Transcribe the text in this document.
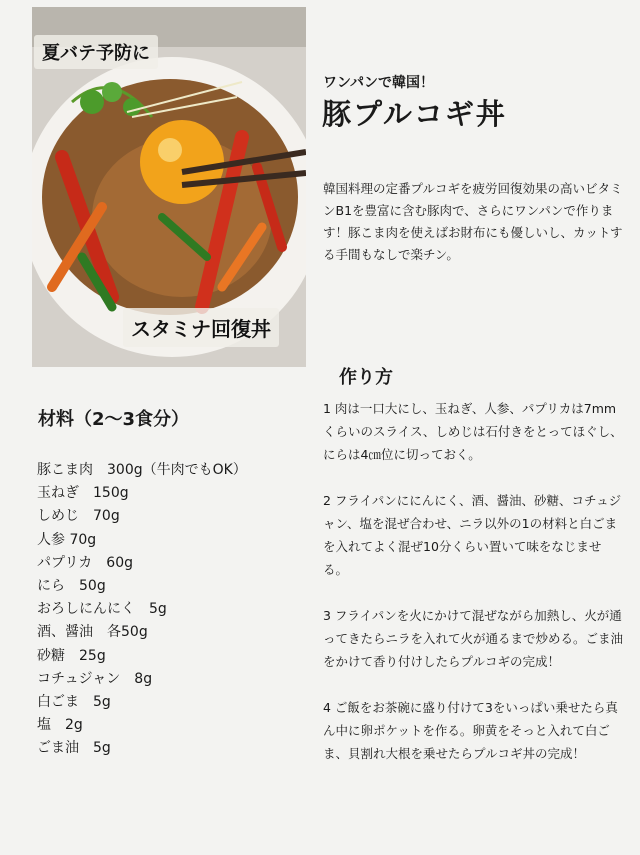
夏バテ予防に
スタミナ回復丼
ワンパンで韓国！
豚プルコギ丼

韓国料理の定番プルコギを疲労回復効果の高いビタミンB1を豊富に含む豚肉で、さらにワンパンで作ります！豚こま肉を使えばお財布にも優しいし、カットする手間もなしで楽チン。

作り方

1 肉は一口大にし、玉ねぎ、人参、パプリカは7mmくらいのスライス、しめじは石付きをとってほぐし、にらは4㎝位に切っておく。

2 フライパンににんにく、酒、醤油、砂糖、コチュジャン、塩を混ぜ合わせ、ニラ以外の1の材料と白ごまを入れてよく混ぜ10分くらい置いて味をなじませる。

3 フライパンを火にかけて混ぜながら加熱し、火が通ってきたらニラを入れて火が通るまで炒める。ごま油をかけて香り付けしたらプルコギの完成！

4 ご飯をお茶碗に盛り付けて3をいっぱい乗せたら真ん中に卵ポケットを作る。卵黄をそっと入れて白ごま、貝割れ大根を乗せたらプルコギ丼の完成！

材料（2〜3食分）
豚こま肉　300g（牛肉でもOK）
玉ねぎ　150g
しめじ　70g
人参 70g
パプリカ　60g
にら　50g
おろしにんにく　5g
酒、醤油　各50g
砂糖　25g
コチュジャン　8g
白ごま　5g
塩　2g
ごま油　5g
